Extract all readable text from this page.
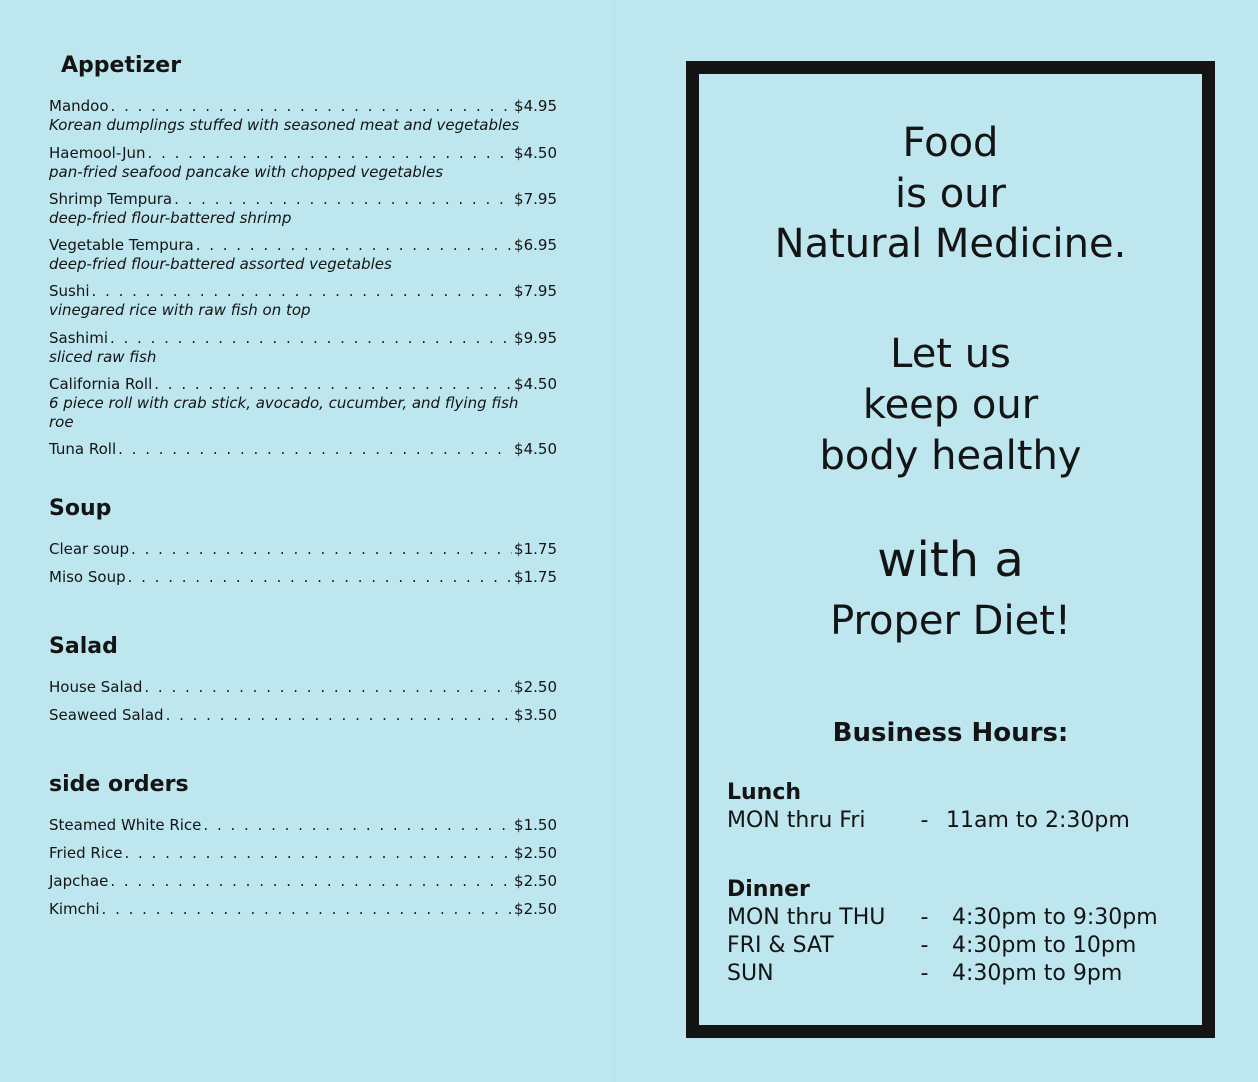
Appetizer
Mandoo . . .	$4.95
Korean dumplings stuffed with seasoned meat and vegetables
Haemool-Jun . . .	$4.50
pan-fried seafood pancake with chopped vegetables
Shrimp Tempura . . .	$7.95
deep-fried flour-battered shrimp
Vegetable Tempura . . .	$6.95
deep-fried flour-battered assorted vegetables
Sushi . . .	$7.95
vinegared rice with raw fish on top
Sashimi . . .	$9.95
sliced raw fish
California Roll . . .	$4.50
6 piece roll with crab stick, avocado, cucumber, and flying fish roe
Tuna Roll . . .	$4.50
Soup
Clear soup . . .	$1.75
Miso Soup . . .	$1.75
Salad
House Salad . . .	$2.50
Seaweed Salad . . .	$3.50
side orders
Steamed White Rice . . .	$1.50
Fried Rice . . .	$2.50
Japchae . . .	$2.50
Kimchi . . .	$2.50

Food

is our

Natural Medicine.

Let us

keep our

body healthy

with a

Proper Diet!

Business Hours:

Lunch
MON thru Fri	- 11am to 2:30pm
Dinner
MON thru THU	-	4:30pm to 9:30pm
FRI & SAT	-	4:30pm to 10pm
SUN	-	4:30pm to 9pm
